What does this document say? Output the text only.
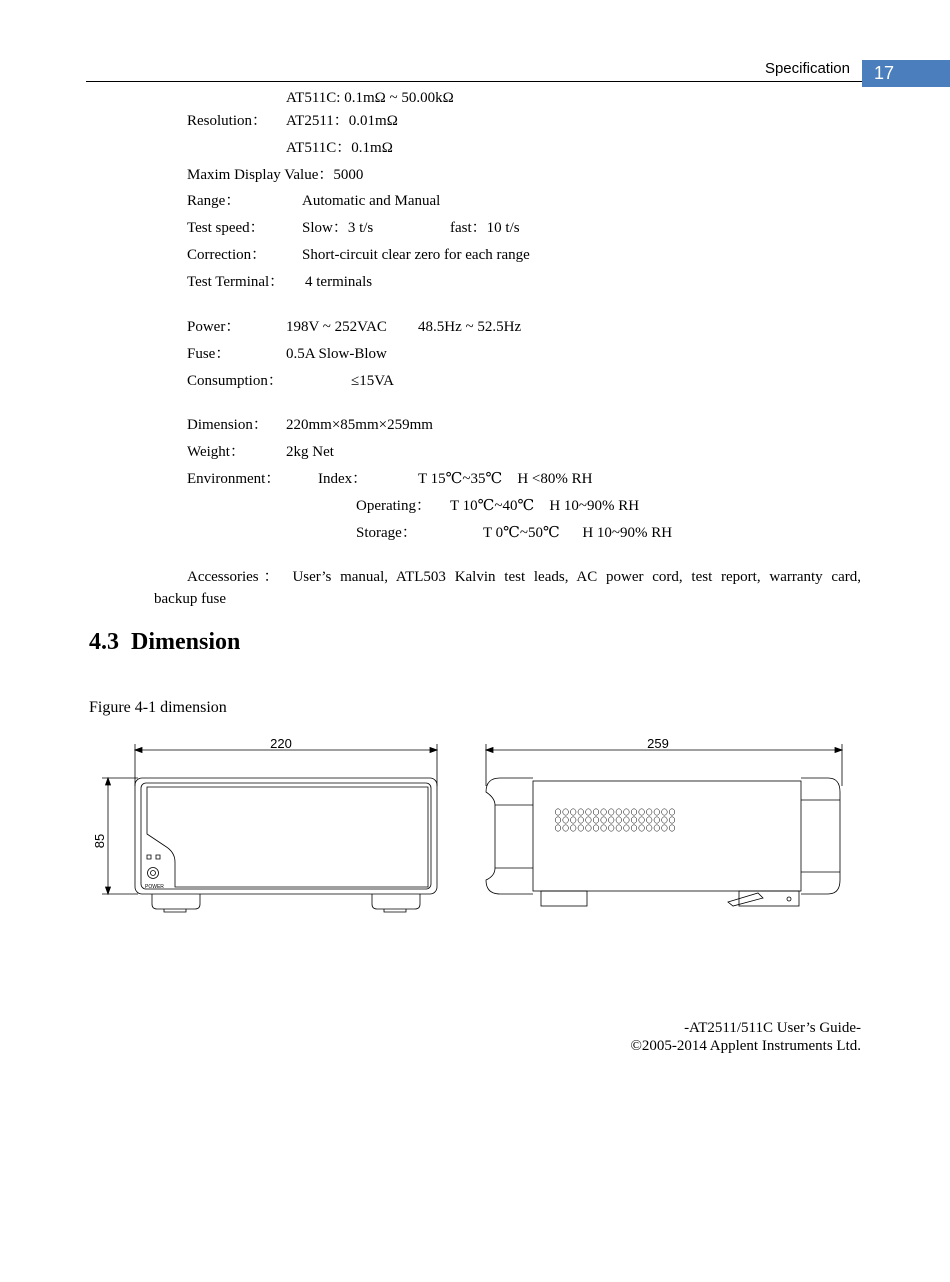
Specification	17
AT511C: 0.1mΩ ~ 50.00kΩ
Resolution： AT2511：0.01mΩ
AT511C：0.1mΩ
Maxim Display Value：5000
Range：	Automatic and Manual
Test speed： Slow：3 t/s	fast：10 t/s
Correction： Short-circuit clear zero for each range
Test Terminal： 4 terminals
Power：	198V ~ 252VAC 48.5Hz ~ 52.5Hz
Fuse：	0.5A Slow-Blow
Consumption：	≤15VA
Dimension： 220mm×85mm×259mm
Weight：	2kg Net
Environment：	Index：	T 15℃~35℃    H <80% RH
Operating： T 10℃~40℃    H 10~90% RH
Storage：	T 0℃~50℃      H 10~90% RH
Accessories： User’s manual, ATL503 Kalvin test leads, AC power cord, test report, warranty card,
backup fuse
4.3 Dimension
Figure 4-1 dimension
220	259
85
POWER
-AT2511/511C User’s Guide-
©2005-2014 Applent Instruments Ltd.
